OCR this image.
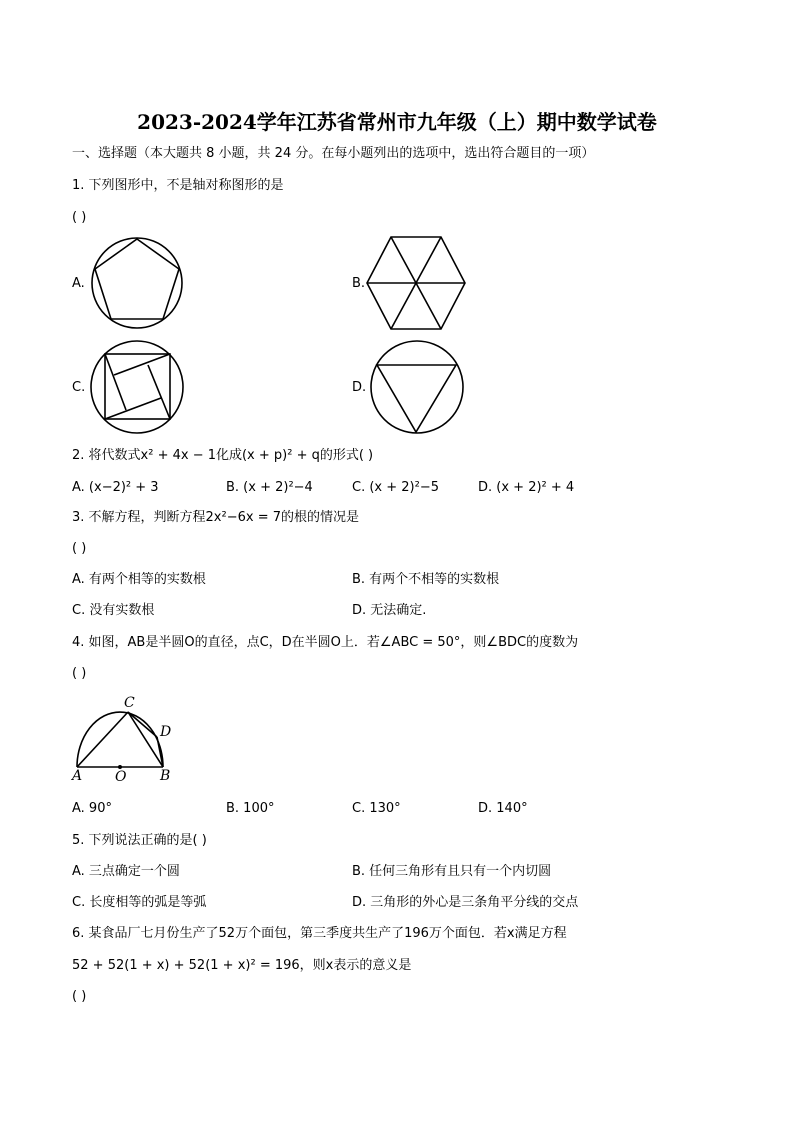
2023-2024学年江苏省常州市九年级（上）期中数学试卷
一、选择题（本大题共 8 小题，共 24 分。在每小题列出的选项中，选出符合题目的一项）
1. 下列图形中，不是轴对称图形的是
( )
A.	B.
C.	D.
2. 将代数式x² + 4x − 1化成(x + p)² + q的形式( )
A. (x−2)² + 3	B. (x + 2)²−4	C. (x + 2)²−5	D. (x + 2)² + 4
3. 不解方程，判断方程2x²−6x = 7的根的情况是
( )
A. 有两个相等的实数根	B. 有两个不相等的实数根
C. 没有实数根	D. 无法确定.
4. 如图，AB是半圆O的直径，点C，D在半圆O上．若∠ABC = 50°，则∠BDC的度数为
( )
A O B
C
D
A. 90°	B. 100°	C. 130°	D. 140°
5. 下列说法正确的是( )
A. 三点确定一个圆	B. 任何三角形有且只有一个内切圆
C. 长度相等的弧是等弧	D. 三角形的外心是三条角平分线的交点
6. 某食品厂七月份生产了52万个面包，第三季度共生产了196万个面包．若x满足方程
52 + 52(1 + x) + 52(1 + x)² = 196，则x表示的意义是
( )
